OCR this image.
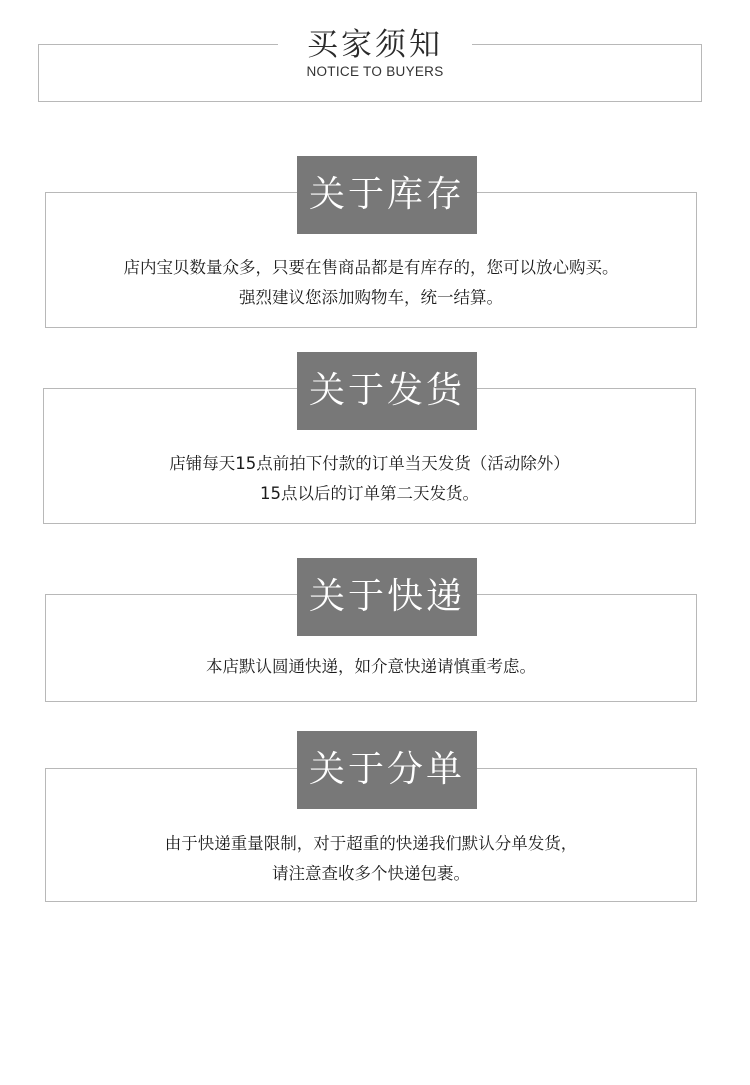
买家须知
NOTICE TO BUYERS
店内宝贝数量众多，只要在售商品都是有库存的，您可以放心购买。
强烈建议您添加购物车，统一结算。
关于库存
店铺每天15点前拍下付款的订单当天发货（活动除外）
15点以后的订单第二天发货。
关于发货
本店默认圆通快递，如介意快递请慎重考虑。
关于快递
由于快递重量限制，对于超重的快递我们默认分单发货，
请注意查收多个快递包裹。
关于分单
